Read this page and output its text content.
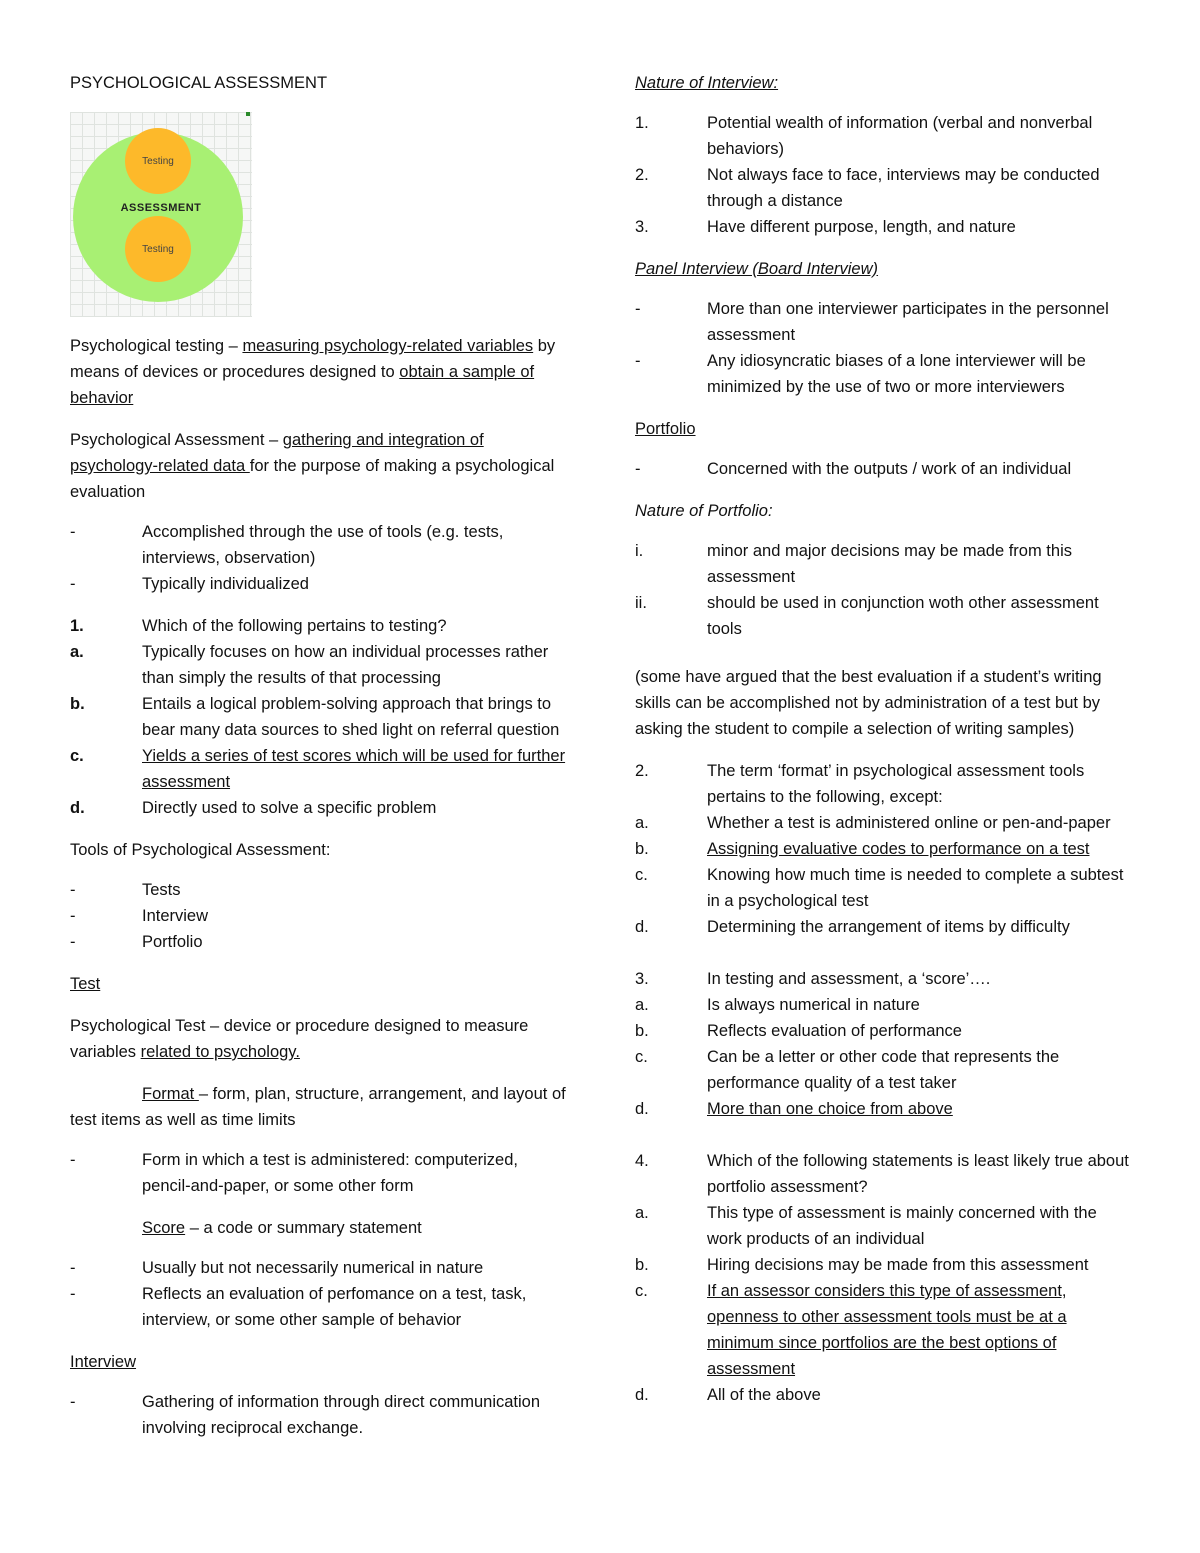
PSYCHOLOGICAL ASSESSMENT

Testing
ASSESSMENT
Testing

Psychological testing – measuring psychology-related variables by means of devices or procedures designed to obtain a sample of behavior

Psychological Assessment – gathering and integration of psychology-related data for the purpose of making a psychological evaluation

-	Accomplished through the use of tools (e.g. tests, interviews, observation)
-	Typically individualized
1.	Which of the following pertains to testing?
a.	Typically focuses on how an individual processes rather than simply the results of that processing
b.	Entails a logical problem-solving approach that brings to bear many data sources to shed light on referral question
c.	Yields a series of test scores which will be used for further assessment
d.	Directly used to solve a specific problem

Tools of Psychological Assessment:

-	Tests
-	Interview
-	Portfolio

Test

Psychological Test – device or procedure designed to measure variables related to psychology.

Format – form, plan, structure, arrangement, and layout of test items as well as time limits

-	Form in which a test is administered: computerized, pencil-and-paper, or some other form

Score – a code or summary statement

-	Usually but not necessarily numerical in nature
-	Reflects an evaluation of perfomance on a test, task, interview, or some other sample of behavior

Interview

-	Gathering of information through direct communication involving reciprocal exchange.

Nature of Interview:

1.	Potential wealth of information (verbal and nonverbal behaviors)
2.	Not always face to face, interviews may be conducted through a distance
3.	Have different purpose, length, and nature

Panel Interview (Board Interview)

-	More than one interviewer participates in the personnel assessment
-	Any idiosyncratic biases of a lone interviewer will be minimized by the use of two or more interviewers

Portfolio

-	Concerned with the outputs / work of an individual

Nature of Portfolio:

i.	minor and major decisions may be made from this assessment
ii.	should be used in conjunction woth other assessment tools

(some have argued that the best evaluation if a student’s writing skills can be accomplished not by administration of a test but by asking the student to compile a selection of writing samples)

2.	The term ‘format’ in psychological assessment tools pertains to the following, except:
a.	Whether a test is administered online or pen-and-paper
b.	Assigning evaluative codes to performance on a test
c.	Knowing how much time is needed to complete a subtest in a psychological test
d.	Determining the arrangement of items by difficulty
3.	In testing and assessment, a ‘score’….
a.	Is always numerical in nature
b.	Reflects evaluation of performance
c.	Can be a letter or other code that represents the performance quality of a test taker
d.	More than one choice from above
4.	Which of the following statements is least likely true about portfolio assessment?
a.	This type of assessment is mainly concerned with the work products of an individual
b.	Hiring decisions may be made from this assessment
c.	If an assessor considers this type of assessment, openness to other assessment tools must be at a minimum since portfolios are the best options of assessment
d.	All of the above
